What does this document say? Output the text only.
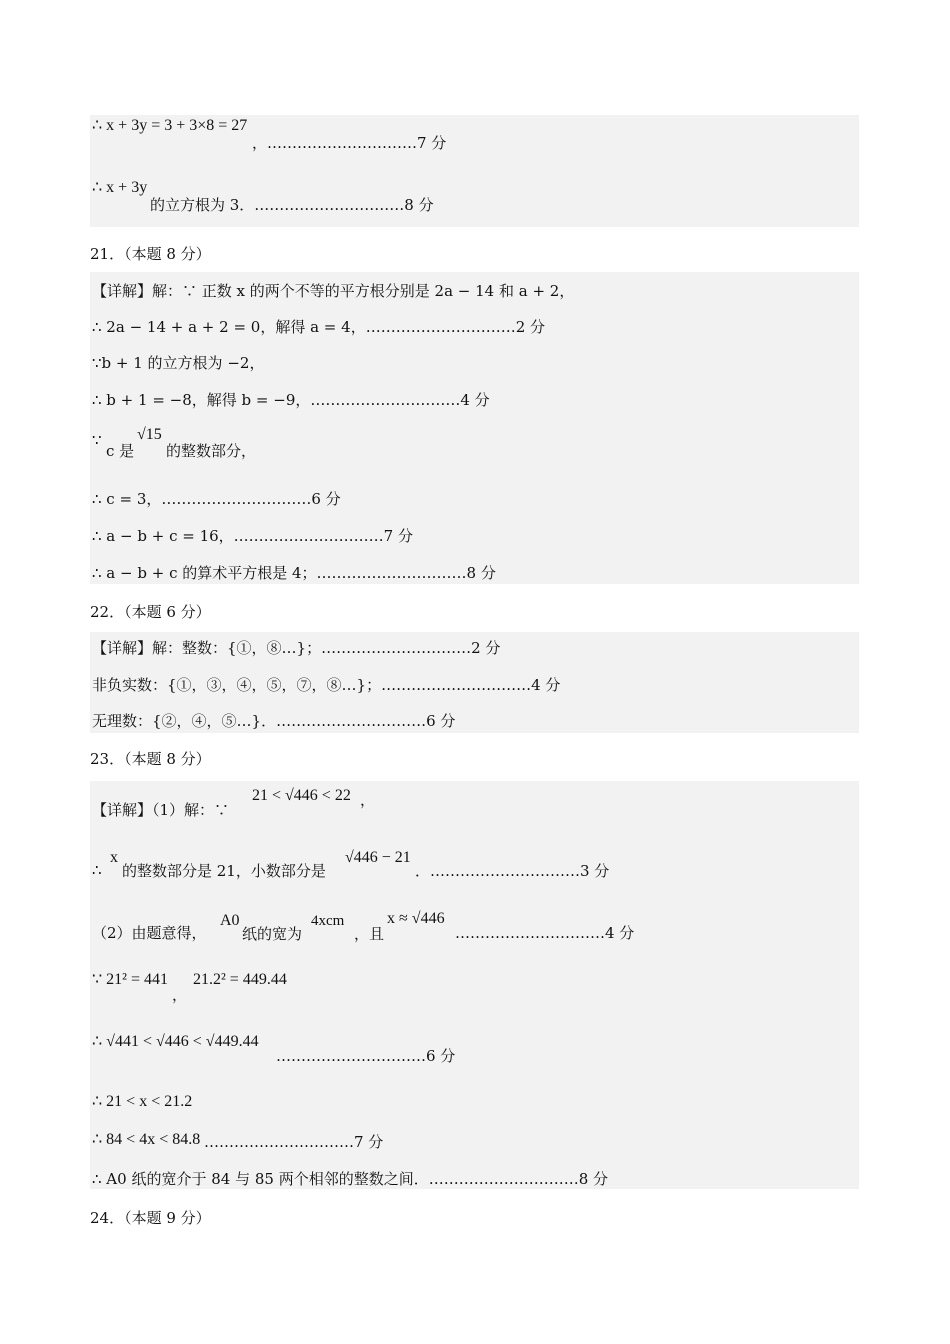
∴ x + 3y = 3 + 3×8 = 27
，…………………………7 分
∴ x + 3y
的立方根为 3．…………………………8 分
21．（本题 8 分）
【详解】解：∵ 正数 x 的两个不等的平方根分别是 2a − 14 和 a + 2，
∴ 2a − 14 + a + 2 = 0，解得 a = 4，…………………………2 分
∵b + 1 的立方根为 −2，
∴ b + 1 = −8，解得 b = −9，…………………………4 分
∵
c 是
√15
的整数部分，
∴ c = 3，…………………………6 分
∴ a − b + c = 16，…………………………7 分
∴ a − b + c 的算术平方根是 4；…………………………8 分
22．（本题 6 分）
【详解】解：整数：{①，⑧…}；…………………………2 分
非负实数：{①，③，④，⑤，⑦，⑧…}；…………………………4 分
无理数：{②，④，⑤…}．…………………………6 分
23．（本题 8 分）
【详解】（1）解：∵
21 < √446 < 22 ，
∴
x
的整数部分是 21，小数部分是
√446 − 21
．…………………………3 分
（2）由题意得，
A0
纸的宽为
4xcm
，且
x ≈ √446
…………………………4 分
∵ 21² = 441
，
21.2² = 449.44
∴ √441 < √446 < √449.44
…………………………6 分
∴ 21 < x < 21.2
∴ 84 < 4x < 84.8 …………………………7 分
∴ A0 纸的宽介于 84 与 85 两个相邻的整数之间．…………………………8 分
24．（本题 9 分）
